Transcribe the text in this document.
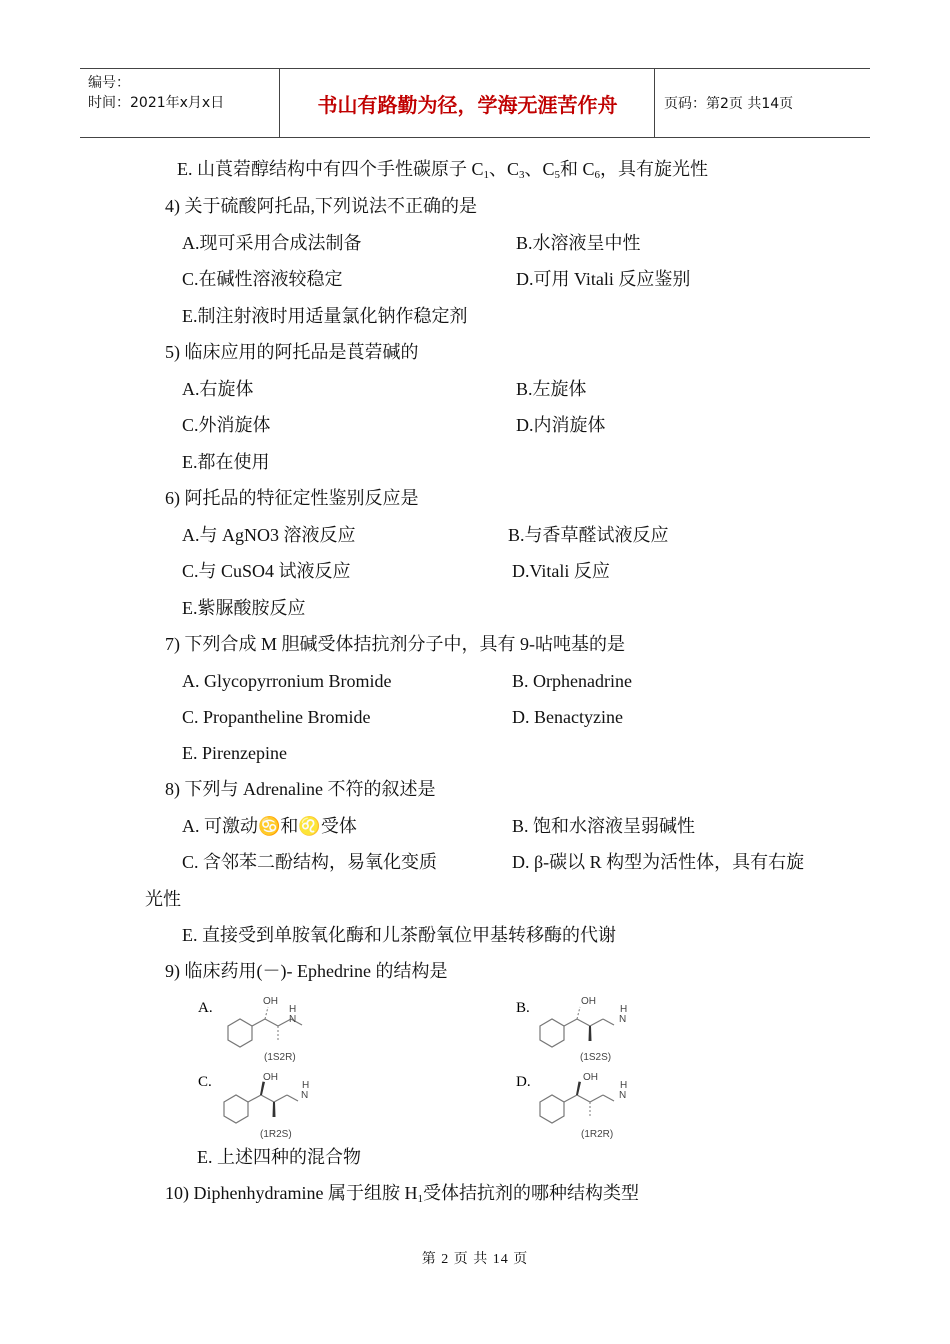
编号：
时间：2021年x月x日	书山有路勤为径，学海无涯苦作舟	页码：第2页 共14页
E. 山莨菪醇结构中有四个手性碳原子 C1、C3、C5和 C6，具有旋光性
4) 关于硫酸阿托品,下列说法不正确的是
A.现可采用合成法制备	B.水溶液呈中性
C.在碱性溶液较稳定	D.可用 Vitali 反应鉴别
E.制注射液时用适量氯化钠作稳定剂
5) 临床应用的阿托品是莨菪碱的
A.右旋体	B.左旋体
C.外消旋体	D.内消旋体
E.都在使用
6) 阿托品的特征定性鉴别反应是
A.与 AgNO3 溶液反应	B.与香草醛试液反应
C.与 CuSO4 试液反应	D.Vitali 反应
E.紫脲酸胺反应
7) 下列合成 M 胆碱受体拮抗剂分子中，具有 9-呫吨基的是
A. Glycopyrronium Bromide	B. Orphenadrine
C. Propantheline Bromide	D. Benactyzine
E. Pirenzepine
8) 下列与 Adrenaline 不符的叙述是
A. 可激动♋和♌受体	B. 饱和水溶液呈弱碱性
C. 含邻苯二酚结构，易氧化变质	D. β-碳以 R 构型为活性体，具有右旋
光性
E. 直接受到单胺氧化酶和儿茶酚氧位甲基转移酶的代谢
9) 临床药用(－)- Ephedrine 的结构是
A.	OH
H
N
(1S2R)
B.	OH
H
N
(1S2S)
C.	OH
H
N
(1R2S)
D.	OH
H
N
(1R2R)
E. 上述四种的混合物
10) Diphenhydramine 属于组胺 H1受体拮抗剂的哪种结构类型
第 2 页 共 14 页
